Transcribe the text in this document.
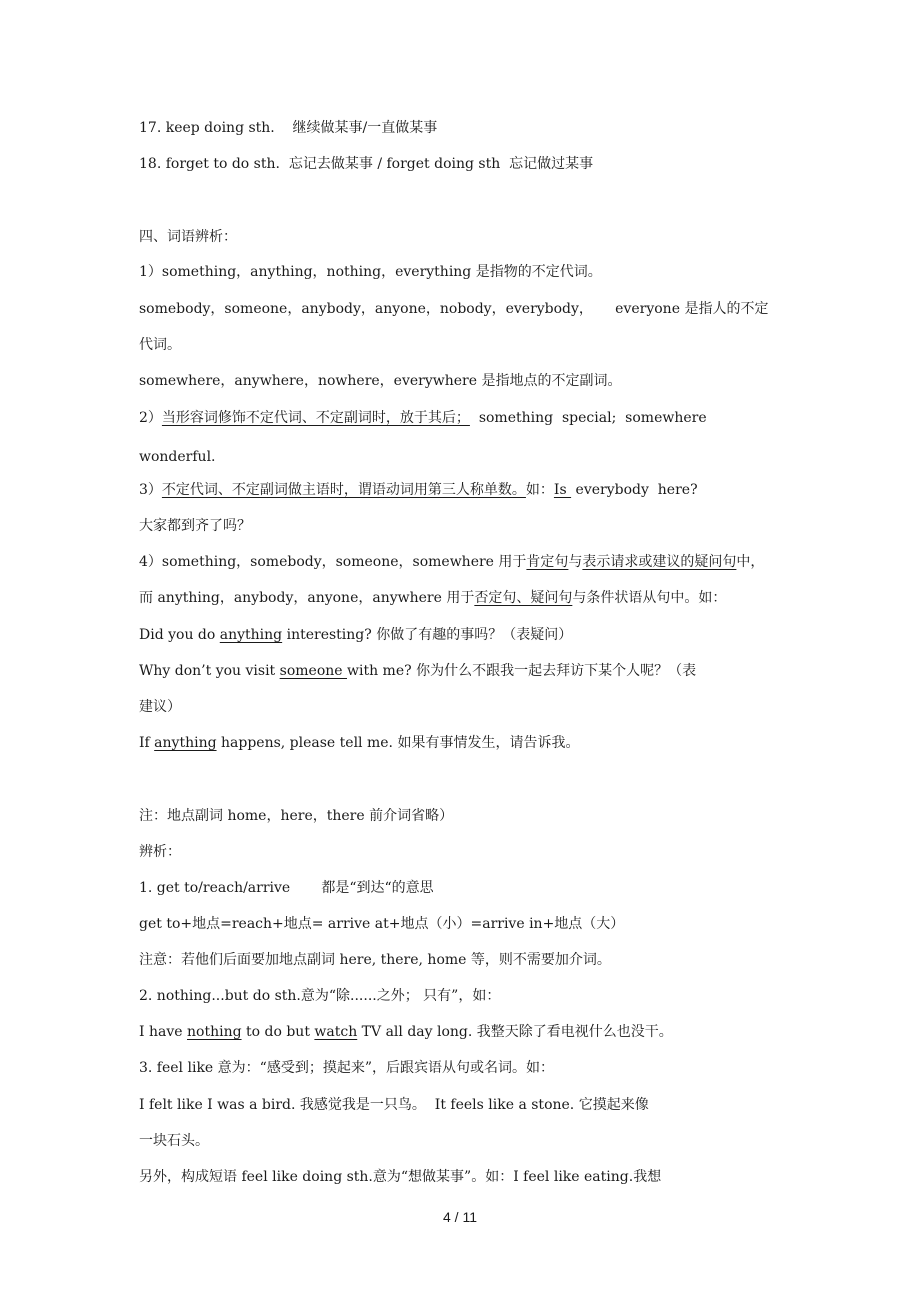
17. keep doing sth.    继续做某事/一直做某事
18. forget to do sth.  忘记去做某事 / forget doing sth  忘记做过某事
四、词语辨析：
1）something，anything，nothing，everything 是指物的不定代词。
somebody，someone，anybody，anyone，nobody，everybody，     everyone 是指人的不定
代词。
somewhere，anywhere，nowhere，everywhere 是指地点的不定副词。
2）当形容词修饰不定代词、不定副词时，放于其后；  something  special;  somewhere
wonderful.
3）不定代词、不定副词做主语时，谓语动词用第三人称单数。如：Is  everybody  here?
大家都到齐了吗？
4）something，somebody，someone，somewhere 用于肯定句与表示请求或建议的疑问句中，
而 anything，anybody，anyone，anywhere 用于否定句、疑问句与条件状语从句中。如：
Did you do anything interesting? 你做了有趣的事吗？（表疑问）
Why don’t you visit someone with me? 你为什么不跟我一起去拜访下某个人呢？（表
建议）
If anything happens, please tell me. 如果有事情发生，请告诉我。
注：地点副词 home，here，there 前介词省略）
辨析：
1. get to/reach/arrive       都是“到达“的意思
get to+地点=reach+地点= arrive at+地点（小）=arrive in+地点（大）
注意：若他们后面要加地点副词 here, there, home 等，则不需要加介词。
2. nothing...but do sth.意为“除......之外； 只有”，如：
I have nothing to do but watch TV all day long. 我整天除了看电视什么也没干。
3. feel like 意为：“感受到；摸起来”，后跟宾语从句或名词。如：
I felt like I was a bird. 我感觉我是一只鸟。  It feels like a stone. 它摸起来像
一块石头。
另外，构成短语 feel like doing sth.意为“想做某事”。如：I feel like eating.我想
4 / 11
